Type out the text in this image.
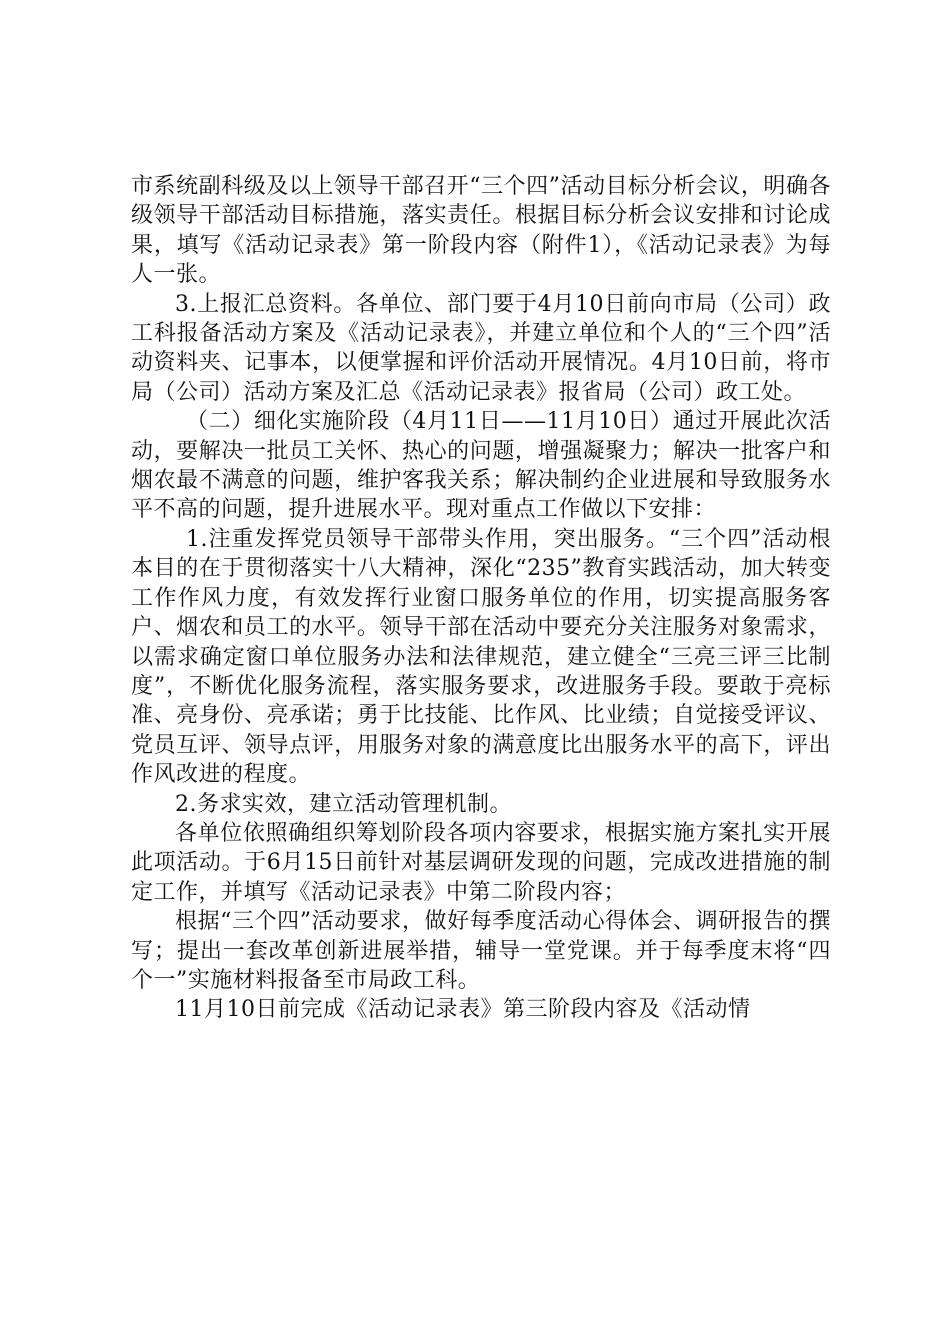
市系统副科级及以上领导干部召开“三个四”活动目标分析会议，明确各级领导干部活动目标措施，落实责任。根据目标分析会议安排和讨论成果，填写《活动记录表》第一阶段内容（附件1），《活动记录表》为每人一张。

3.上报汇总资料。各单位、部门要于4月10日前向市局（公司）政工科报备活动方案及《活动记录表》，并建立单位和个人的“三个四”活动资料夹、记事本，以便掌握和评价活动开展情况。4月10日前，将市局（公司）活动方案及汇总《活动记录表》报省局（公司）政工处。

（二）细化实施阶段（4月11日——11月10日）通过开展此次活动，要解决一批员工关怀、热心的问题，增强凝聚力；解决一批客户和烟农最不满意的问题，维护客我关系；解决制约企业进展和导致服务水平不高的问题，提升进展水平。现对重点工作做以下安排：

1.注重发挥党员领导干部带头作用，突出服务。“三个四”活动根本目的在于贯彻落实十八大精神，深化“235”教育实践活动，加大转变工作作风力度，有效发挥行业窗口服务单位的作用，切实提高服务客户、烟农和员工的水平。领导干部在活动中要充分关注服务对象需求，以需求确定窗口单位服务办法和法律规范，建立健全“三亮三评三比制度”，不断优化服务流程，落实服务要求，改进服务手段。要敢于亮标准、亮身份、亮承诺；勇于比技能、比作风、比业绩；自觉接受评议、党员互评、领导点评，用服务对象的满意度比出服务水平的高下，评出作风改进的程度。

2.务求实效，建立活动管理机制。

各单位依照确组织筹划阶段各项内容要求，根据实施方案扎实开展此项活动。于6月15日前针对基层调研发现的问题，完成改进措施的制定工作，并填写《活动记录表》中第二阶段内容；

根据“三个四”活动要求，做好每季度活动心得体会、调研报告的撰写；提出一套改革创新进展举措，辅导一堂党课。并于每季度末将“四个一”实施材料报备至市局政工科。

11月10日前完成《活动记录表》第三阶段内容及《活动情
